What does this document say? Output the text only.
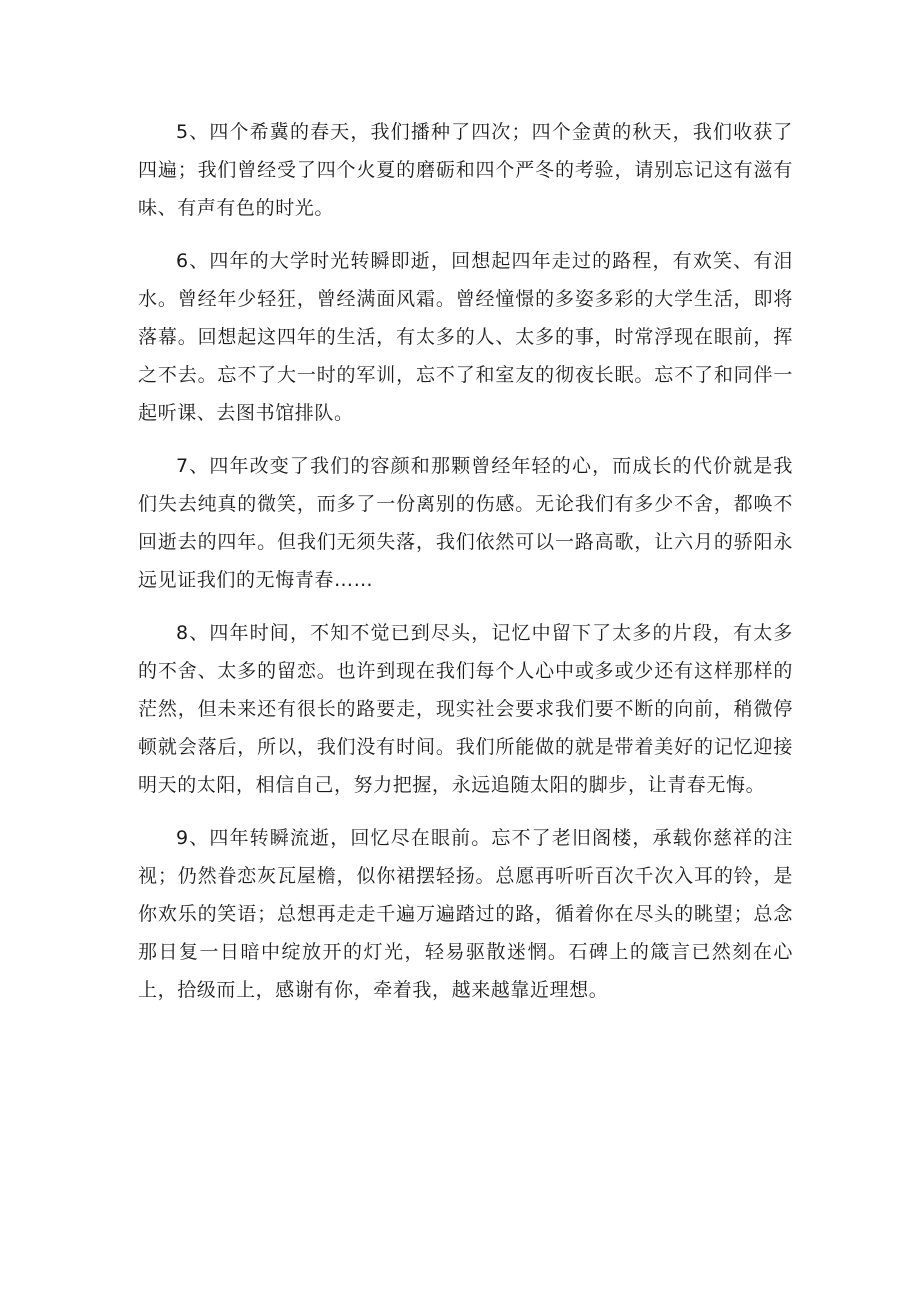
5、四个希冀的春天，我们播种了四次；四个金黄的秋天，我们收获了四遍；我们曾经受了四个火夏的磨砺和四个严冬的考验，请别忘记这有滋有味、有声有色的时光。

6、四年的大学时光转瞬即逝，回想起四年走过的路程，有欢笑、有泪水。曾经年少轻狂，曾经满面风霜。曾经憧憬的多姿多彩的大学生活，即将落幕。回想起这四年的生活，有太多的人、太多的事，时常浮现在眼前，挥之不去。忘不了大一时的军训，忘不了和室友的彻夜长眠。忘不了和同伴一起听课、去图书馆排队。

7、四年改变了我们的容颜和那颗曾经年轻的心，而成长的代价就是我们失去纯真的微笑，而多了一份离别的伤感。无论我们有多少不舍，都唤不回逝去的四年。但我们无须失落，我们依然可以一路高歌，让六月的骄阳永远见证我们的无悔青春……

8、四年时间，不知不觉已到尽头，记忆中留下了太多的片段，有太多的不舍、太多的留恋。也许到现在我们每个人心中或多或少还有这样那样的茫然，但未来还有很长的路要走，现实社会要求我们要不断的向前，稍微停顿就会落后，所以，我们没有时间。我们所能做的就是带着美好的记忆迎接明天的太阳，相信自己，努力把握，永远追随太阳的脚步，让青春无悔。

9、四年转瞬流逝，回忆尽在眼前。忘不了老旧阁楼，承载你慈祥的注视；仍然眷恋灰瓦屋檐，似你裙摆轻扬。总愿再听听百次千次入耳的铃，是你欢乐的笑语；总想再走走千遍万遍踏过的路，循着你在尽头的眺望；总念那日复一日暗中绽放开的灯光，轻易驱散迷惘。石碑上的箴言已然刻在心上，拾级而上，感谢有你，牵着我，越来越靠近理想。
